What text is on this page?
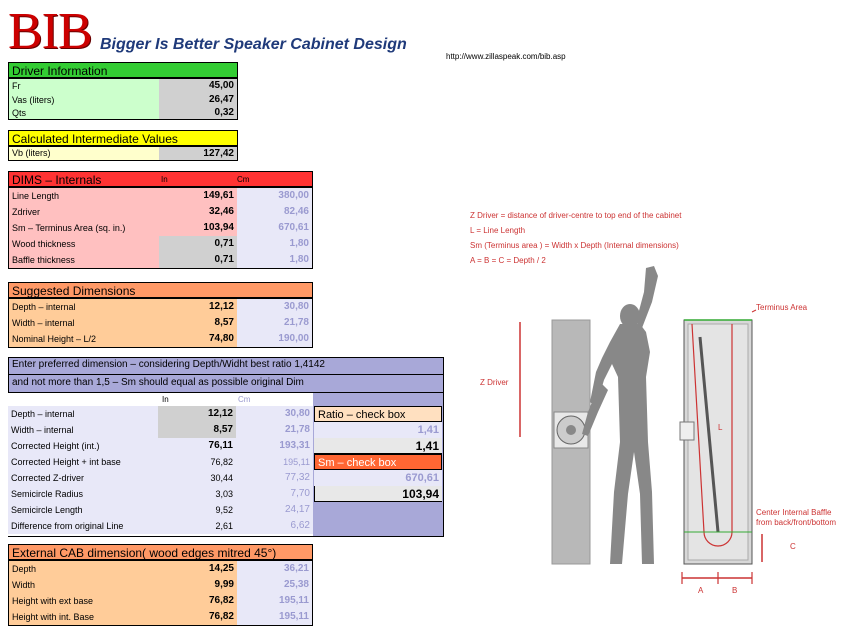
BIB Bigger Is Better Speaker Cabinet Design
http://www.zillaspeak.com/bib.asp
Driver Information
Fr	45,00
Vas (liters)	26,47
Qts	0,32
Calculated Intermediate Values
Vb (liters)	127,42
DIMS – Internals	In	Cm
Line Length	149,61	380,00
Zdriver	32,46	82,46
Sm – Terminus Area (sq. in.)	103,94	670,61
Wood thickness	0,71	1,80
Baffle thickness	0,71	1,80
Suggested Dimensions
Depth – internal	12,12	30,80
Width – internal	8,57	21,78
Nominal Height – L/2	74,80	190,00
Enter preferred dimension – considering Depth/Widht best ratio 1,4142
and not more than 1,5 – Sm should equal as possible original Dim
In	Cm
Depth – internal	12,12	30,80
Width – internal	8,57	21,78
Corrected Height (int.)	76,11	193,31
Corrected Height + int base	76,82	195,11
Corrected Z-driver	30,44	77,32
Semicircle Radius	3,03	7,70
Semicircle Length	9,52	24,17
Difference from original Line	2,61	6,62
Ratio – check box
1,41
1,41
Sm – check box
670,61
103,94
External CAB dimension( wood edges mitred 45°)
Depth	14,25	36,21
Width	9,99	25,38
Height with ext base	76,82	195,11
Height with int. Base	76,82	195,11
Z Driver = distance of driver-centre to top end of the cabinet
L = Line Length
Sm (Terminus area ) = Width x Depth (Internal dimensions)
A = B = C = Depth / 2
Terminus Area
Z Driver
L
Center Internal Baffle
from back/front/bottom
C
A	B
